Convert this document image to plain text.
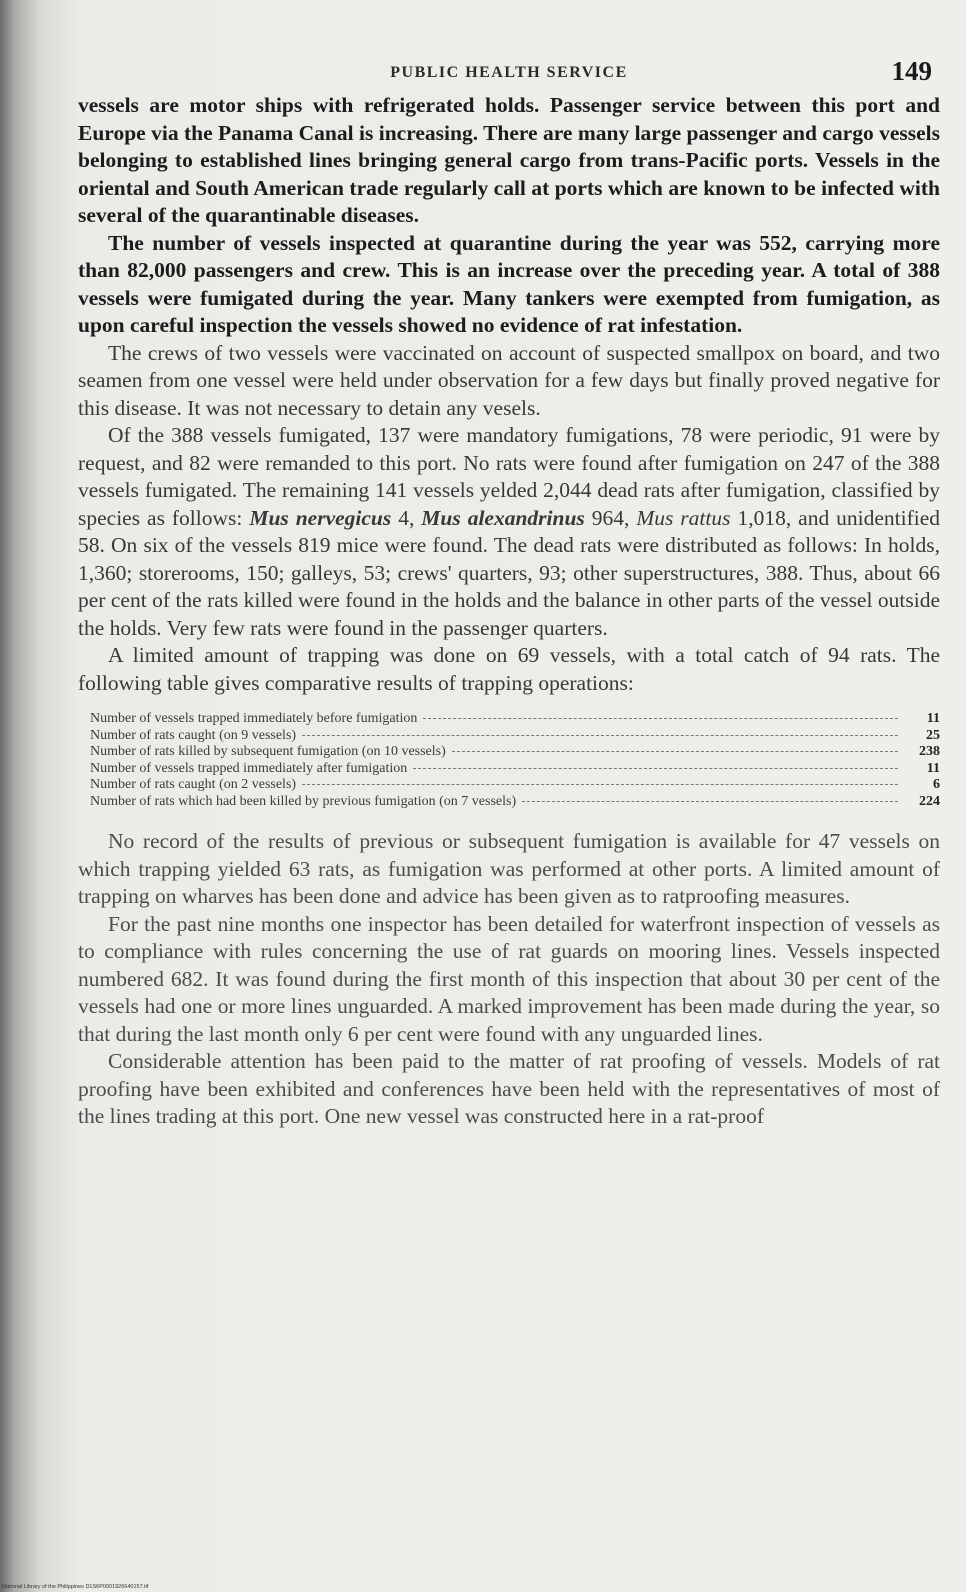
PUBLIC HEALTH SERVICE	149

vessels are motor ships with refrigerated holds. Passenger service between this port and Europe via the Panama Canal is increasing. There are many large passenger and cargo vessels belonging to established lines bringing general cargo from trans-Pacific ports. Vessels in the oriental and South American trade regularly call at ports which are known to be infected with several of the quarantinable diseases.

The number of vessels inspected at quarantine during the year was 552, carrying more than 82,000 passengers and crew. This is an increase over the preceding year. A total of 388 vessels were fumigated during the year. Many tankers were exempted from fumigation, as upon careful inspection the vessels showed no evidence of rat infestation.

The crews of two vessels were vaccinated on account of suspected smallpox on board, and two seamen from one vessel were held under observation for a few days but finally proved negative for this disease. It was not necessary to detain any vesels.

Of the 388 vessels fumigated, 137 were mandatory fumigations, 78 were periodic, 91 were by request, and 82 were remanded to this port. No rats were found after fumigation on 247 of the 388 vessels fumigated. The remaining 141 vessels yelded 2,044 dead rats after fumigation, classified by species as follows: Mus nervegicus 4, Mus alexandrinus 964, Mus rattus 1,018, and unidentified 58. On six of the vessels 819 mice were found. The dead rats were distributed as follows: In holds, 1,360; storerooms, 150; galleys, 53; crews' quarters, 93; other superstructures, 388. Thus, about 66 per cent of the rats killed were found in the holds and the balance in other parts of the vessel outside the holds. Very few rats were found in the passenger quarters.

A limited amount of trapping was done on 69 vessels, with a total catch of 94 rats. The following table gives comparative results of trapping operations:

Number of vessels trapped immediately before fumigation	11
Number of rats caught (on 9 vessels)	25
Number of rats killed by subsequent fumigation (on 10 vessels)	238
Number of vessels trapped immediately after fumigation	11
Number of rats caught (on 2 vessels)	6
Number of rats which had been killed by previous fumigation (on 7 vessels)	224

No record of the results of previous or subsequent fumigation is available for 47 vessels on which trapping yielded 63 rats, as fumigation was performed at other ports. A limited amount of trapping on wharves has been done and advice has been given as to ratproofing measures.

For the past nine months one inspector has been detailed for waterfront inspection of vessels as to compliance with rules concerning the use of rat guards on mooring lines. Vessels inspected numbered 682. It was found during the first month of this inspection that about 30 per cent of the vessels had one or more lines unguarded. A marked improvement has been made during the year, so that during the last month only 6 per cent were found with any unguarded lines.

Considerable attention has been paid to the matter of rat proofing of vessels. Models of rat proofing have been exhibited and conferences have been held with the representatives of most of the lines trading at this port. One new vessel was constructed here in a rat-proof

National Library of the Philippines D1S6P0001926640157.tif
